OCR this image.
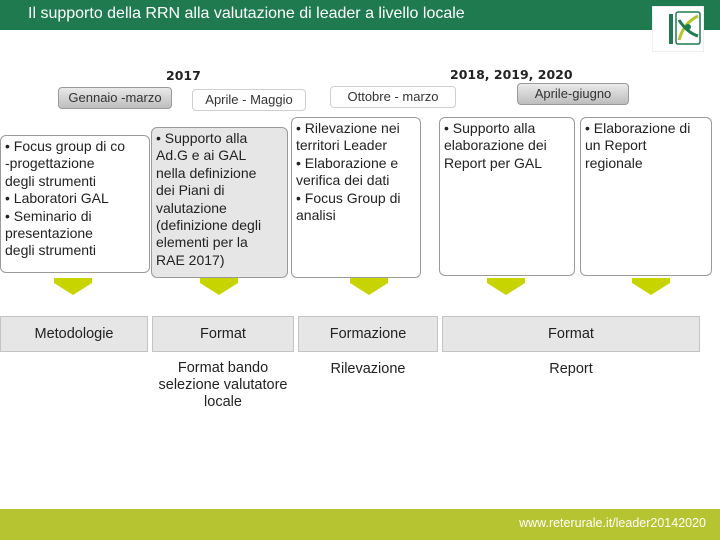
Il supporto della RRN alla valutazione di leader a livello locale
2017	2018, 2019, 2020
Gennaio -marzo	Aprile - Maggio	Ottobre - marzo	Aprile-giugno
• Focus group di co
-progettazione
degli strumenti
• Laboratori GAL
• Seminario di
presentazione
degli strumenti
• Supporto alla
Ad.G e ai GAL
nella definizione
dei Piani di
valutazione
(definizione degli
elementi per la
RAE 2017)
• Rilevazione nei
territori Leader
• Elaborazione e
verifica dei dati
• Focus Group di
analisi
• Supporto alla
elaborazione dei
Report per GAL
• Elaborazione di
un Report
regionale
Metodologie	Format	Formazione	Format
Format bando selezione valutatore locale
Rilevazione	Report
www.reterurale.it/leader20142020
